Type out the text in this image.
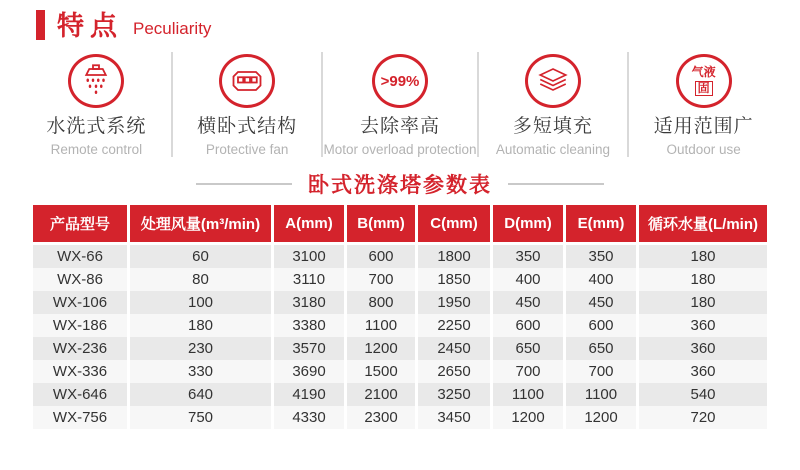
特点 Peculiarity
水洗式系统
Remote control
横卧式结构
Protective fan
>99%
去除率高
Motor overload protection
多短填充
Automatic cleaning
气液
固
适用范围广
Outdoor use
卧式洗涤塔参数表
产品型号	处理风量(m³/min)	A(mm)	B(mm)	C(mm)	D(mm)	E(mm)	循环水量(L/min)
WX-66	60	3100	600	1800	350	350	180
WX-86	80	3110	700	1850	400	400	180
WX-106	100	3180	800	1950	450	450	180
WX-186	180	3380	1100	2250	600	600	360
WX-236	230	3570	1200	2450	650	650	360
WX-336	330	3690	1500	2650	700	700	360
WX-646	640	4190	2100	3250	1100	1100	540
WX-756	750	4330	2300	3450	1200	1200	720
